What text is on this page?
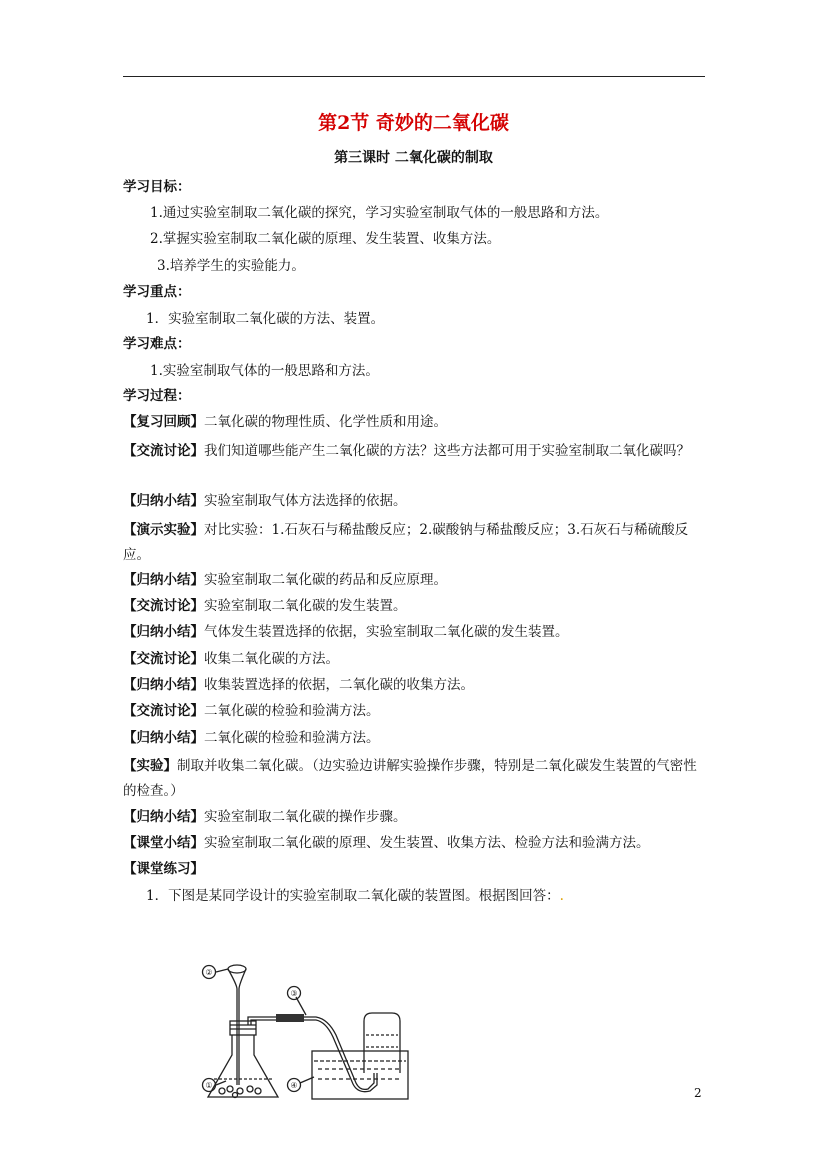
第2节 奇妙的二氧化碳
第三课时 二氧化碳的制取
学习目标：
1.通过实验室制取二氧化碳的探究，学习实验室制取气体的一般思路和方法。
2.掌握实验室制取二氧化碳的原理、发生装置、收集方法。
3.培养学生的实验能力。
学习重点：
1．实验室制取二氧化碳的方法、装置。
学习难点：
1.实验室制取气体的一般思路和方法。
学习过程：
【复习回顾】二氧化碳的物理性质、化学性质和用途。
【交流讨论】我们知道哪些能产生二氧化碳的方法？这些方法都可用于实验室制取二氧化碳吗？
【归纳小结】实验室制取气体方法选择的依据。
【演示实验】对比实验：1.石灰石与稀盐酸反应；2.碳酸钠与稀盐酸反应；3.石灰石与稀硫酸反应。
【归纳小结】实验室制取二氧化碳的药品和反应原理。
【交流讨论】实验室制取二氧化碳的发生装置。
【归纳小结】气体发生装置选择的依据，实验室制取二氧化碳的发生装置。
【交流讨论】收集二氧化碳的方法。
【归纳小结】收集装置选择的依据，二氧化碳的收集方法。
【交流讨论】二氧化碳的检验和验满方法。
【归纳小结】二氧化碳的检验和验满方法。
【实验】制取并收集二氧化碳。（边实验边讲解实验操作步骤，特别是二氧化碳发生装置的气密性的检查。）
【归纳小结】实验室制取二氧化碳的操作步骤。
【课堂小结】实验室制取二氧化碳的原理、发生装置、收集方法、检验方法和验满方法。
【课堂练习】
1．下图是某同学设计的实验室制取二氧化碳的装置图。根据图回答：.
①
②
③
④
2
